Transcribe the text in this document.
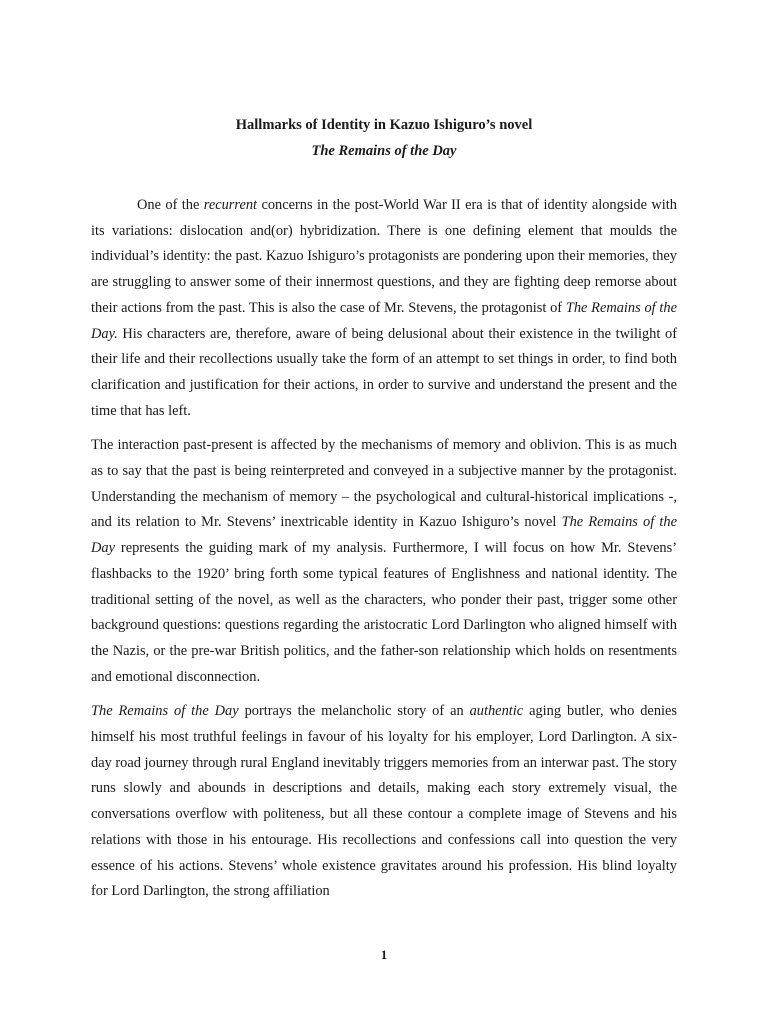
Hallmarks of Identity in Kazuo Ishiguro’s novel
The Remains of the Day

One of the recurrent concerns in the post-World War II era is that of identity alongside with its variations: dislocation and(or) hybridization. There is one defining element that moulds the individual’s identity: the past. Kazuo Ishiguro’s protagonists are pondering upon their memories, they are struggling to answer some of their innermost questions, and they are fighting deep remorse about their actions from the past. This is also the case of Mr. Stevens, the protagonist of The Remains of the Day. His characters are, therefore, aware of being delusional about their existence in the twilight of their life and their recollections usually take the form of an attempt to set things in order, to find both clarification and justification for their actions, in order to survive and understand the present and the time that has left.

The interaction past-present is affected by the mechanisms of memory and oblivion. This is as much as to say that the past is being reinterpreted and conveyed in a subjective manner by the protagonist. Understanding the mechanism of memory – the psychological and cultural-historical implications -, and its relation to Mr. Stevens’ inextricable identity in Kazuo Ishiguro’s novel The Remains of the Day represents the guiding mark of my analysis. Furthermore, I will focus on how Mr. Stevens’ flashbacks to the 1920’ bring forth some typical features of Englishness and national identity. The traditional setting of the novel, as well as the characters, who ponder their past, trigger some other background questions: questions regarding the aristocratic Lord Darlington who aligned himself with the Nazis, or the pre-war British politics, and the father-son relationship which holds on resentments and emotional disconnection.

The Remains of the Day portrays the melancholic story of an authentic aging butler, who denies himself his most truthful feelings in favour of his loyalty for his employer, Lord Darlington. A six-day road journey through rural England inevitably triggers memories from an interwar past. The story runs slowly and abounds in descriptions and details, making each story extremely visual, the conversations overflow with politeness, but all these contour a complete image of Stevens and his relations with those in his entourage. His recollections and confessions call into question the very essence of his actions. Stevens’ whole existence gravitates around his profession. His blind loyalty for Lord Darlington, the strong affiliation

1
